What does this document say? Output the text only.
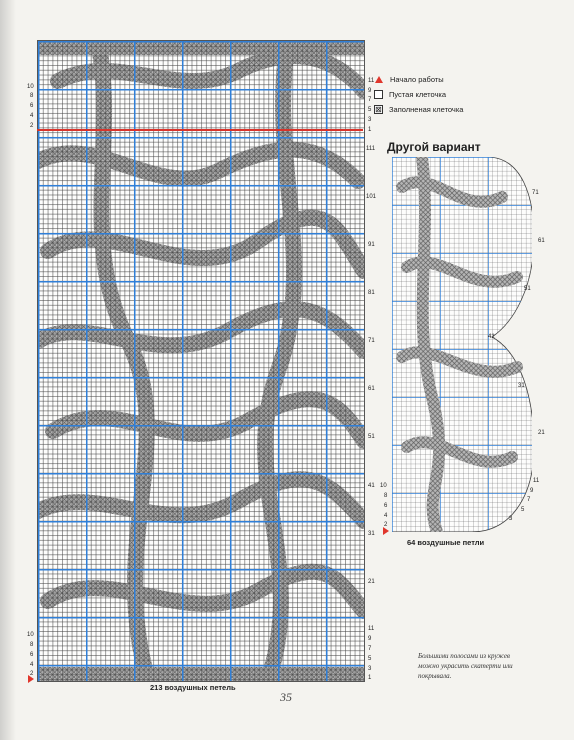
11
9
7
5
3
1
10
8
6
4
2
111
101
91
81
71
61
51
41
31
21
11
9
7
5
3
1
10
8
6
4
2
213 воздушных петель
Начало работы
Пустая клеточка
⊠ Заполненая клеточка
Другой вариант
71
61
51
41
31
21
11
9
7
5
3
10
8
6
4
2
64 воздушные петли
Большими полосами из кружев можно украсить скатерти или покрывала.
35
